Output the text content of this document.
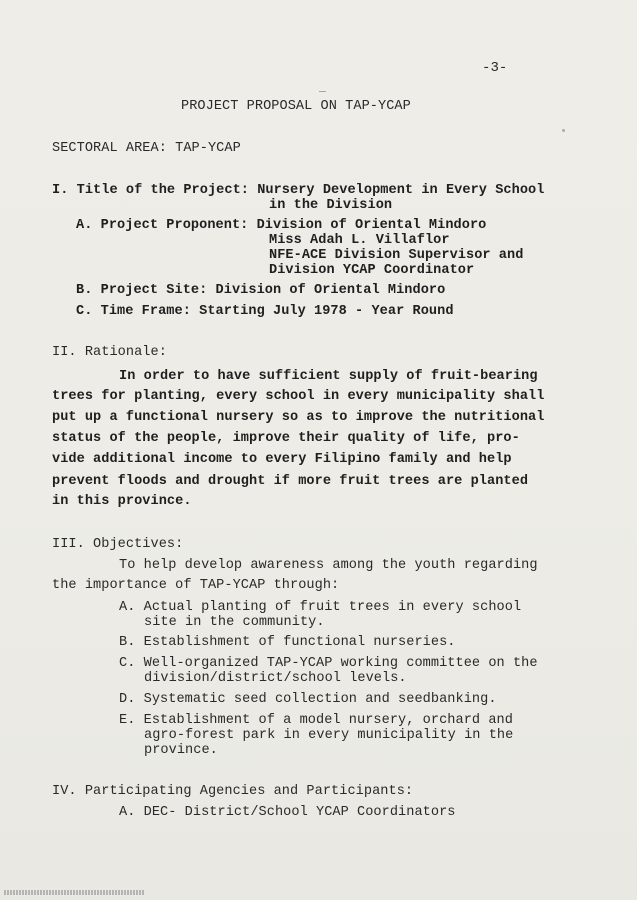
-3-
PROJECT PROPOSAL ON TAP-YCAP
SECTORAL AREA: TAP-YCAP
I. Title of the Project: Nursery Development in Every School
in the Division
A. Project Proponent: Division of Oriental Mindoro
Miss Adah L. Villaflor
NFE-ACE Division Supervisor and
Division YCAP Coordinator
B. Project Site: Division of Oriental Mindoro
C. Time Frame: Starting July 1978 - Year Round
II. Rationale:
In order to have sufficient supply of fruit-bearing
trees for planting, every school in every municipality shall
put up a functional nursery so as to improve the nutritional
status of the people, improve their quality of life, pro-
vide additional income to every Filipino family and help
prevent floods and drought if more fruit trees are planted
in this province.
III. Objectives:
To help develop awareness among the youth regarding
the importance of TAP-YCAP through:
A. Actual planting of fruit trees in every school
site in the community.
B. Establishment of functional nurseries.
C. Well-organized TAP-YCAP working committee on the
division/district/school levels.
D. Systematic seed collection and seedbanking.
E. Establishment of a model nursery, orchard and
agro-forest park in every municipality in the
province.
IV. Participating Agencies and Participants:
A. DEC- District/School YCAP Coordinators
